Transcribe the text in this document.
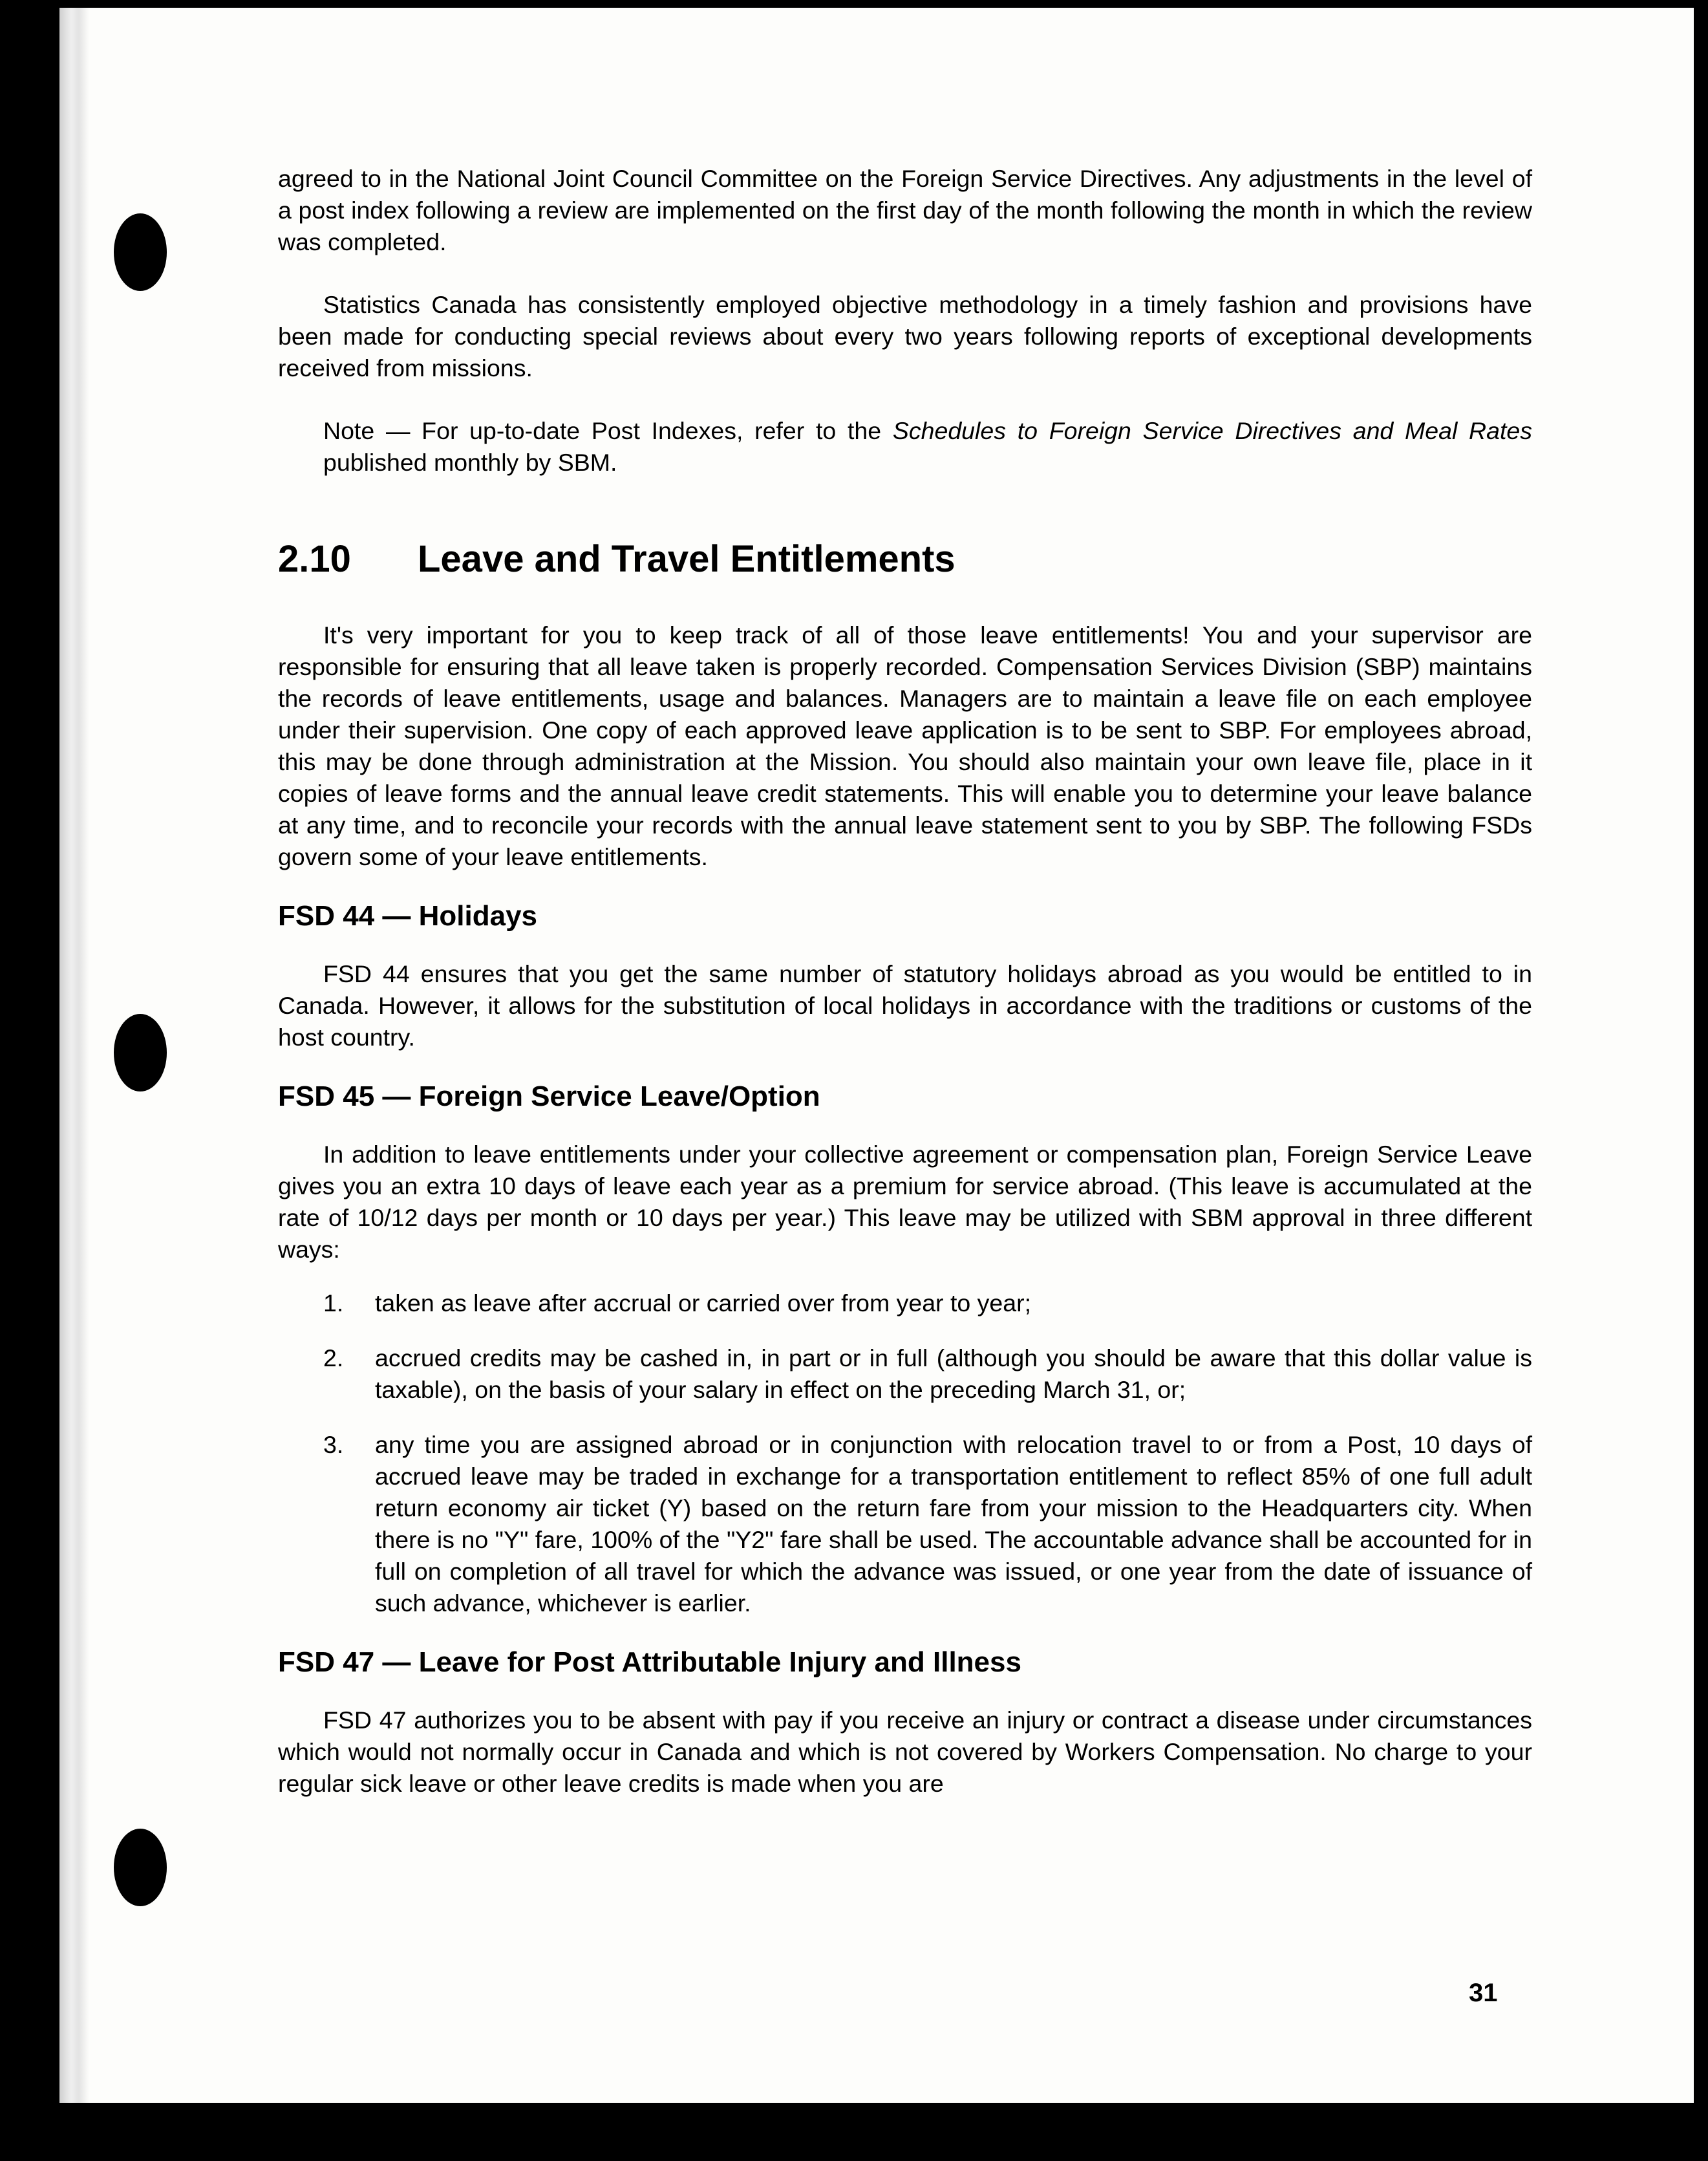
agreed to in the National Joint Council Committee on the Foreign Service Directives. Any adjustments in the level of a post index following a review are implemented on the first day of the month following the month in which the review was completed.

Statistics Canada has consistently employed objective methodology in a timely fashion and provisions have been made for conducting special reviews about every two years following reports of exceptional developments received from missions.

Note — For up-to-date Post Indexes, refer to the Schedules to Foreign Service Directives and Meal Rates published monthly by SBM.

2.10 Leave and Travel Entitlements

It's very important for you to keep track of all of those leave entitlements! You and your supervisor are responsible for ensuring that all leave taken is properly recorded. Compensation Services Division (SBP) maintains the records of leave entitlements, usage and balances. Managers are to maintain a leave file on each employee under their supervision. One copy of each approved leave application is to be sent to SBP. For employees abroad, this may be done through administration at the Mission. You should also maintain your own leave file, place in it copies of leave forms and the annual leave credit statements. This will enable you to determine your leave balance at any time, and to reconcile your records with the annual leave statement sent to you by SBP. The following FSDs govern some of your leave entitlements.

FSD 44 — Holidays

FSD 44 ensures that you get the same number of statutory holidays abroad as you would be entitled to in Canada. However, it allows for the substitution of local holidays in accordance with the traditions or customs of the host country.

FSD 45 — Foreign Service Leave/Option

In addition to leave entitlements under your collective agreement or compensation plan, Foreign Service Leave gives you an extra 10 days of leave each year as a premium for service abroad. (This leave is accumulated at the rate of 10/12 days per month or 10 days per year.) This leave may be utilized with SBM approval in three different ways:

1.	taken as leave after accrual or carried over from year to year;
2.	accrued credits may be cashed in, in part or in full (although you should be aware that this dollar value is taxable), on the basis of your salary in effect on the preceding March 31, or;
3.	any time you are assigned abroad or in conjunction with relocation travel to or from a Post, 10 days of accrued leave may be traded in exchange for a transportation entitlement to reflect 85% of one full adult return economy air ticket (Y) based on the return fare from your mission to the Headquarters city. When there is no "Y" fare, 100% of the "Y2" fare shall be used. The accountable advance shall be accounted for in full on completion of all travel for which the advance was issued, or one year from the date of issuance of such advance, whichever is earlier.
FSD 47 — Leave for Post Attributable Injury and Illness

FSD 47 authorizes you to be absent with pay if you receive an injury or contract a disease under circumstances which would not normally occur in Canada and which is not covered by Workers Compensation. No charge to your regular sick leave or other leave credits is made when you are

31
)
)
